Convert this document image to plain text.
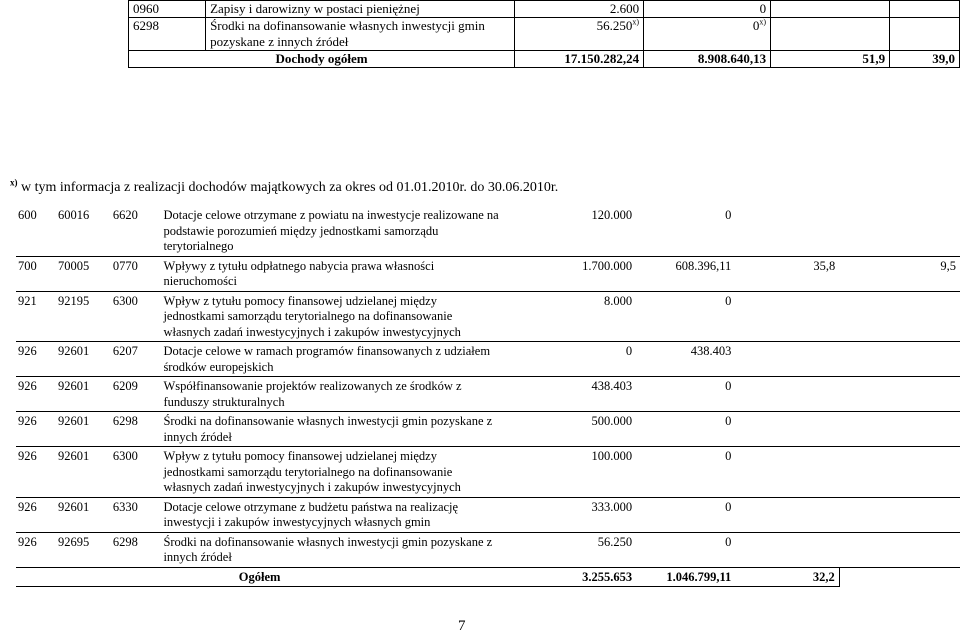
0960	Zapisy i darowizny w postaci pieniężnej	2.600	0		
6298	Środki na dofinansowanie własnych inwestycji gmin pozyskane z innych źródeł	56.250$^{x)}$	0$^{x)}$		
Dochody ogółem		17.150.282,24	8.908.640,13	51,9	39,0
$^{x)}$ w tym informacja z realizacji dochodów majątkowych za okres od 01.01.2010r. do 30.06.2010r.
600	60016	6620	Dotacje celowe otrzymane z powiatu na inwestycje realizowane na podstawie porozumień między jednostkami samorządu terytorialnego	120.000	0		
700	70005	0770	Wpływy z tytułu odpłatnego nabycia prawa własności nieruchomości	1.700.000	608.396,11	35,8	9,5
921	92195	6300	Wpływ z tytułu pomocy finansowej udzielanej między jednostkami samorządu terytorialnego na dofinansowanie własnych zadań inwestycyjnych i zakupów inwestycyjnych	8.000	0		
926	92601	6207	Dotacje celowe w ramach programów finansowanych z udziałem środków europejskich	0	438.403		
926	92601	6209	Współfinansowanie projektów realizowanych ze środków z funduszy strukturalnych	438.403	0		
926	92601	6298	Środki na dofinansowanie własnych inwestycji gmin pozyskane z innych źródeł	500.000	0		
926	92601	6300	Wpływ z tytułu pomocy finansowej udzielanej między jednostkami samorządu terytorialnego na dofinansowanie własnych zadań inwestycyjnych i zakupów inwestycyjnych	100.000	0		
926	92601	6330	Dotacje celowe otrzymane z budżetu państwa na realizację inwestycji i zakupów inwestycyjnych własnych gmin	333.000	0		
926	92695	6298	Środki na dofinansowanie własnych inwestycji gmin pozyskane z innych źródeł	56.250	0		
Ogółem				3.255.653	1.046.799,11	32,2	
7
